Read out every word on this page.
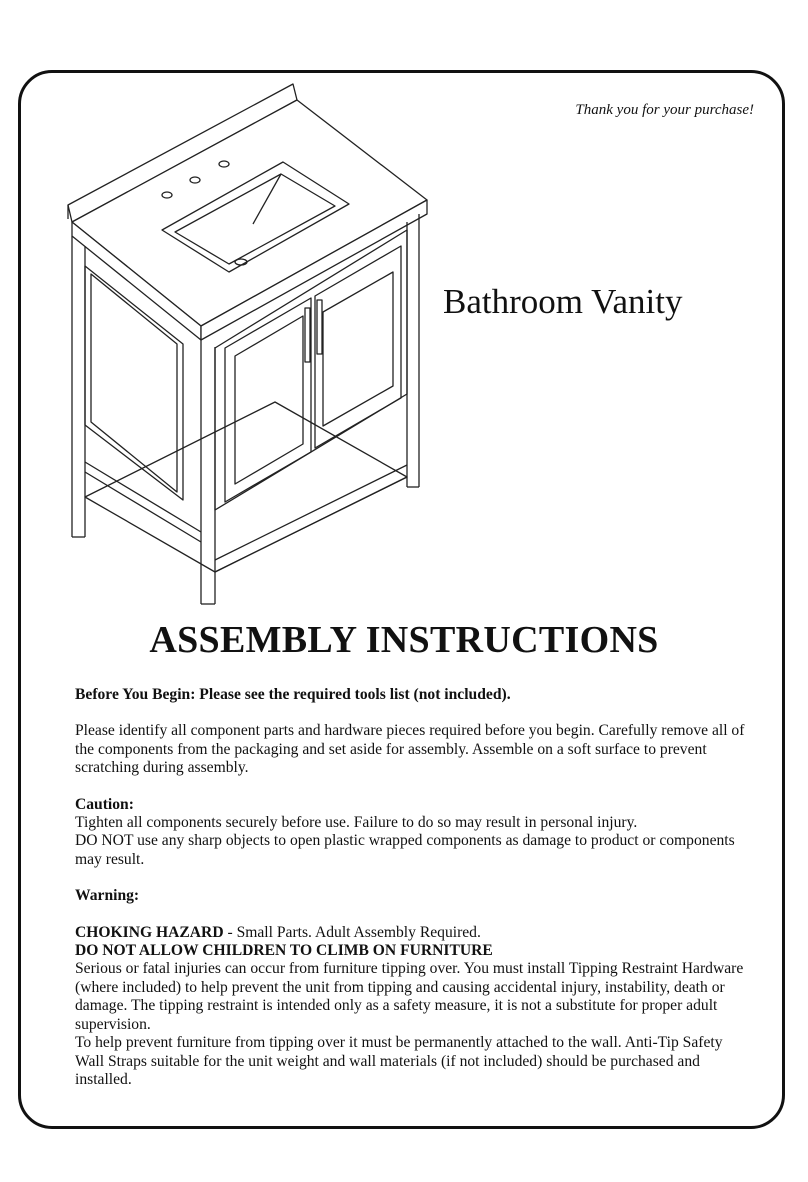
Thank you for your purchase!
Bathroom Vanity
ASSEMBLY INSTRUCTIONS

Before You Begin: Please see the required tools list (not included).

Please identify all component parts and hardware pieces required before you begin. Carefully remove all of the components from the packaging and set aside for assembly. Assemble on a soft surface to prevent scratching during assembly.

Caution:

Tighten all components securely before use. Failure to do so may result in personal injury.

DO NOT use any sharp objects to open plastic wrapped components as damage to product or components may result.

Warning:

CHOKING HAZARD - Small Parts. Adult Assembly Required.

DO NOT ALLOW CHILDREN TO CLIMB ON FURNITURE

Serious or fatal injuries can occur from furniture tipping over. You must install Tipping Restraint Hardware (where included) to help prevent the unit from tipping and causing accidental injury, instability, death or damage. The tipping restraint is intended only as a safety measure, it is not a substitute for proper adult supervision.

To help prevent furniture from tipping over it must be permanently attached to the wall. Anti-Tip Safety Wall Straps suitable for the unit weight and wall materials (if not included) should be purchased and installed.
